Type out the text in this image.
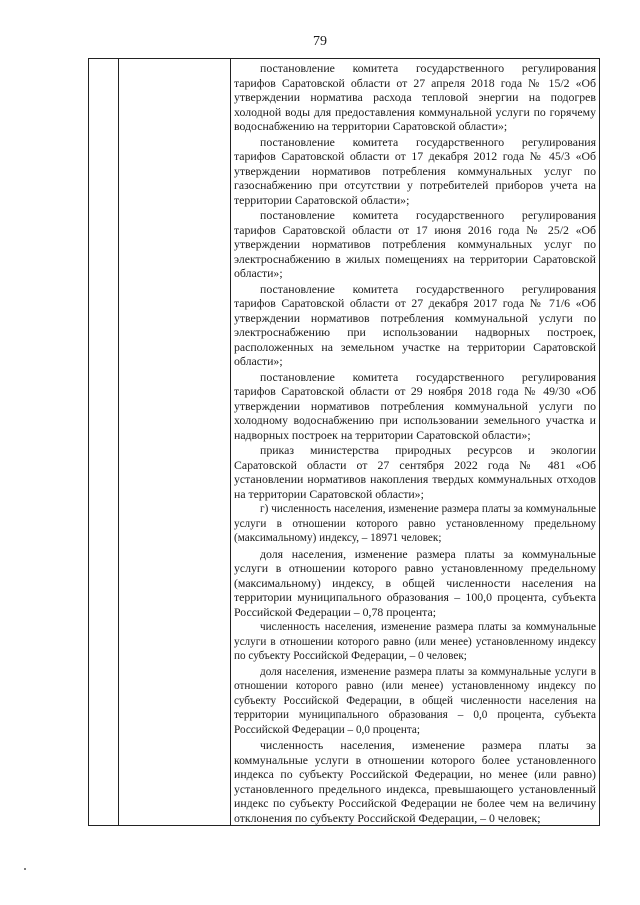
79

постановление комитета государственного регулирования тарифов Саратовской области от 27 апреля 2018 года № 15/2 «Об утверждении норматива расхода тепловой энергии на подогрев холодной воды для предоставления коммунальной услуги по горячему водоснабжению на территории Саратовской области»;

постановление комитета государственного регулирования тарифов Саратовской области от 17 декабря 2012 года № 45/3 «Об утверждении нормативов потребления коммунальных услуг по газоснабжению при отсутствии у потребителей приборов учета на территории Саратовской области»;

постановление комитета государственного регулирования тарифов Саратовской области от 17 июня 2016 года № 25/2 «Об утверждении нормативов потребления коммунальных услуг по электроснабжению в жилых помещениях на территории Саратовской области»;

постановление комитета государственного регулирования тарифов Саратовской области от 27 декабря 2017 года № 71/6 «Об утверждении нормативов потребления коммунальной услуги по электроснабжению при использовании надворных построек, расположенных на земельном участке на территории Саратовской области»;

постановление комитета государственного регулирования тарифов Саратовской области от 29 ноября 2018 года № 49/30 «Об утверждении нормативов потребления коммунальной услуги по холодному водоснабжению при использовании земельного участка и надворных построек на территории Саратовской области»;

приказ министерства природных ресурсов и экологии Саратовской области от 27 сентября 2022 года № 481 «Об установлении нормативов накопления твердых коммунальных отходов на территории Саратовской области»;

г) численность населения, изменение размера платы за коммунальные услуги в отношении которого равно установленному предельному (максимальному) индексу, – 18971 человек;

доля населения, изменение размера платы за коммунальные услуги в отношении которого равно установленному предельному (максимальному) индексу, в общей численности населения на территории муниципального образования – 100,0 процента, субъекта Российской Федерации – 0,78 процента;

численность населения, изменение размера платы за коммунальные услуги в отношении которого равно (или менее) установленному индексу по субъекту Российской Федерации, – 0 человек;

доля населения, изменение размера платы за коммунальные услуги в отношении которого равно (или менее) установленному индексу по субъекту Российской Федерации, в общей численности населения на территории муниципального образования – 0,0 процента, субъекта Российской Федерации – 0,0 процента;

численность населения, изменение размера платы за коммунальные услуги в отношении которого более установленного индекса по субъекту Российской Федерации, но менее (или равно) установленного предельного индекса, превышающего установленный индекс по субъекту Российской Федерации не более чем на величину отклонения по субъекту Российской Федерации, – 0 человек;
